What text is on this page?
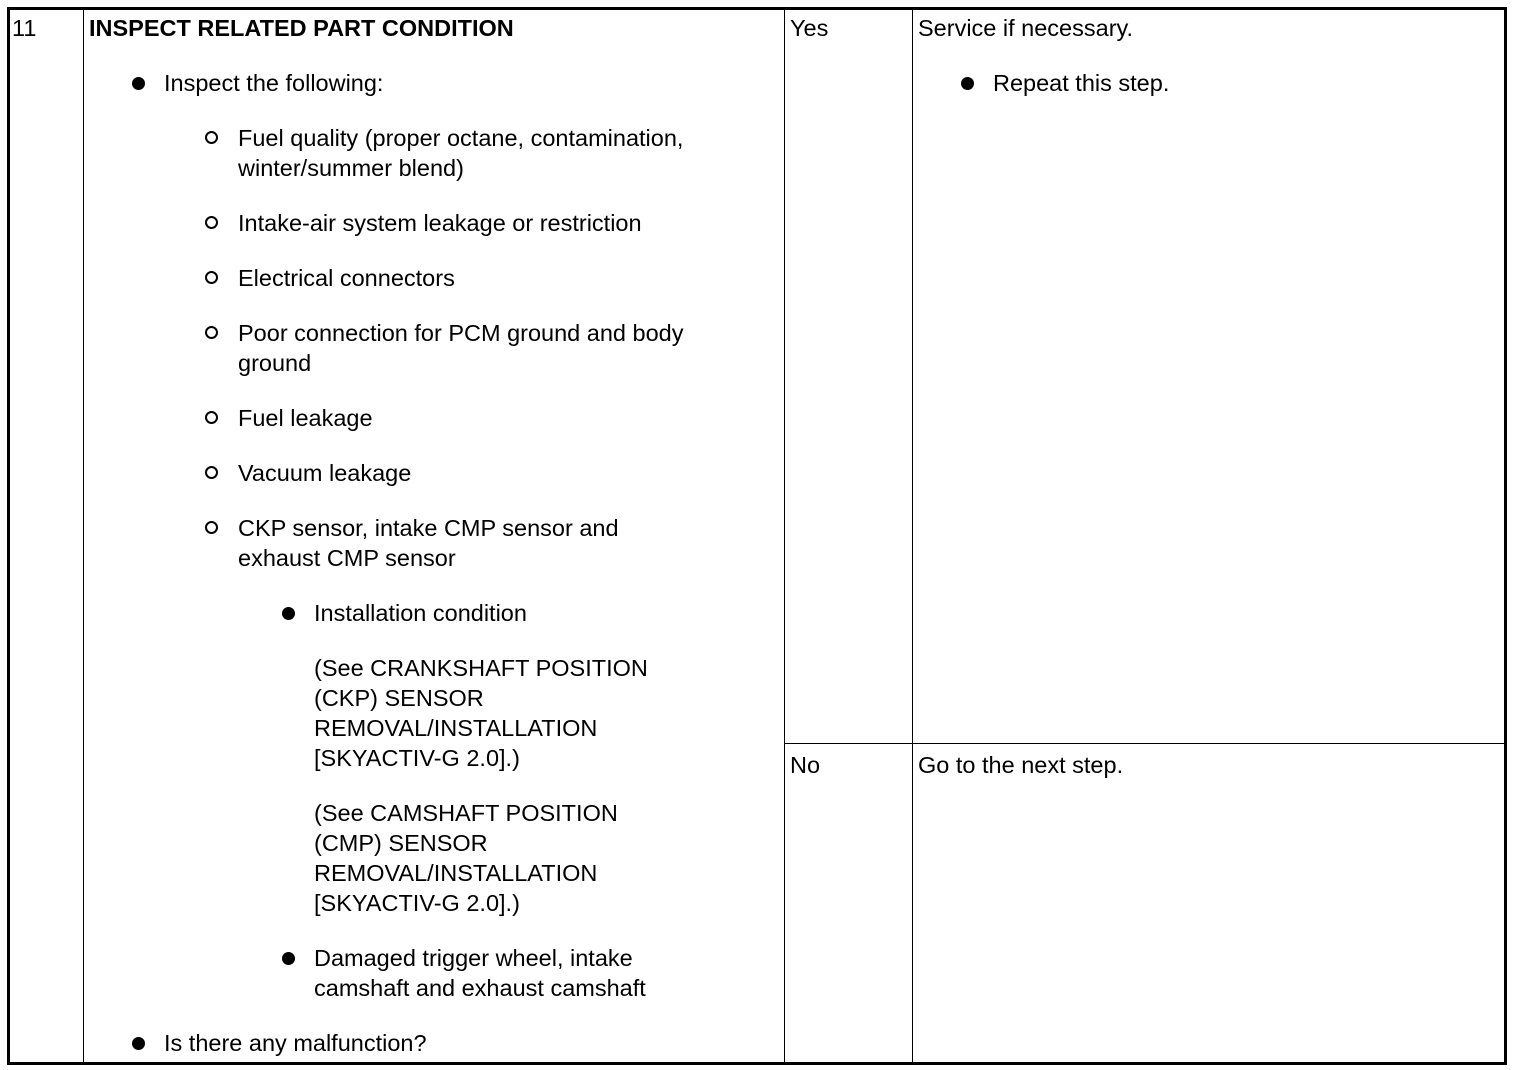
11 INSPECT RELATED PART CONDITION
Inspect the following:
Fuel quality (proper octane, contamination,
winter/summer blend)
Intake-air system leakage or restriction
Electrical connectors
Poor connection for PCM ground and body
ground
Fuel leakage
Vacuum leakage
CKP sensor, intake CMP sensor and
exhaust CMP sensor
Installation condition
(See CRANKSHAFT POSITION
(CKP) SENSOR
REMOVAL/INSTALLATION
[SKYACTIV-G 2.0].)
(See CAMSHAFT POSITION
(CMP) SENSOR
REMOVAL/INSTALLATION
[SKYACTIV-G 2.0].)
Damaged trigger wheel, intake
camshaft and exhaust camshaft
Is there any malfunction?
Yes	Service if necessary.
Repeat this step.
No	Go to the next step.
